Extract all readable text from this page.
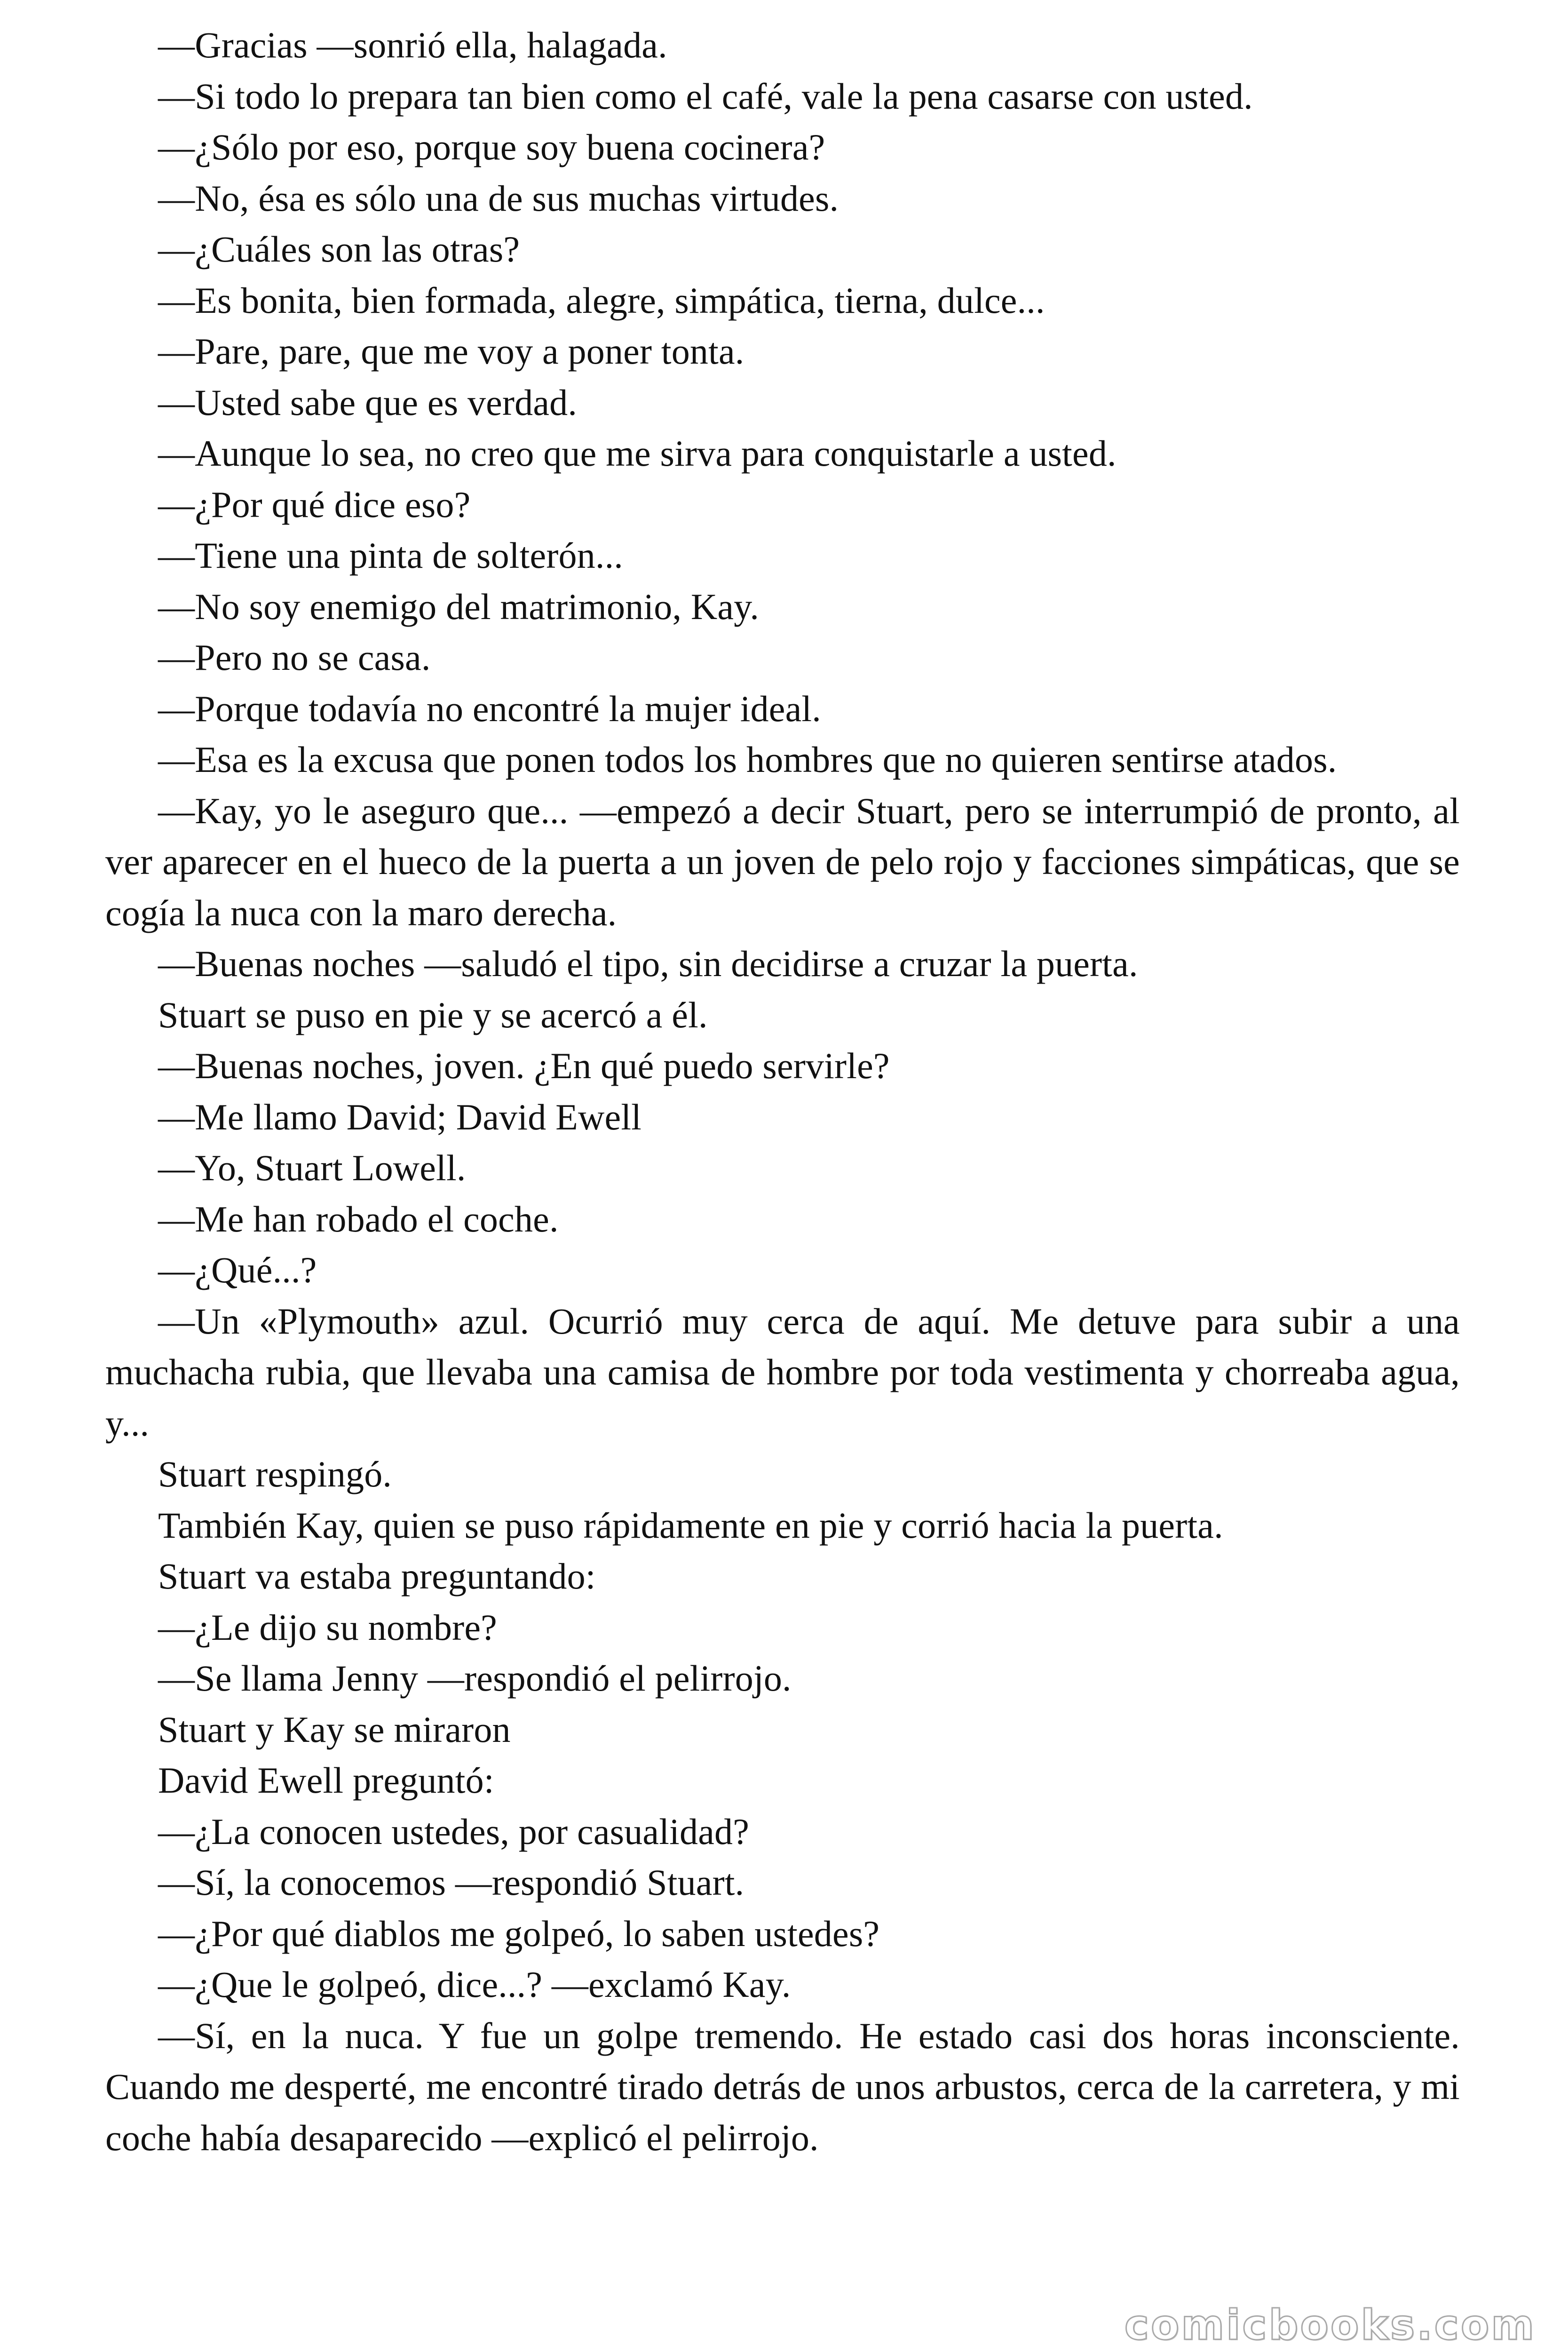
—Gracias —sonrió ella, halagada.

—Si todo lo prepara tan bien como el café, vale la pena casarse con usted.

—¿Sólo por eso, porque soy buena cocinera?

—No, ésa es sólo una de sus muchas virtudes.

—¿Cuáles son las otras?

—Es bonita, bien formada, alegre, simpática, tierna, dulce...

—Pare, pare, que me voy a poner tonta.

—Usted sabe que es verdad.

—Aunque lo sea, no creo que me sirva para conquistarle a usted.

—¿Por qué dice eso?

—Tiene una pinta de solterón...

—No soy enemigo del matrimonio, Kay.

—Pero no se casa.

—Porque todavía no encontré la mujer ideal.

—Esa es la excusa que ponen todos los hombres que no quieren sentirse atados.

—Kay, yo le aseguro que... —empezó a decir Stuart, pero se interrumpió de pronto, al ver aparecer en el hueco de la puerta a un joven de pelo rojo y facciones simpáticas, que se cogía la nuca con la maro derecha.

—Buenas noches —saludó el tipo, sin decidirse a cruzar la puerta.

Stuart se puso en pie y se acercó a él.

—Buenas noches, joven. ¿En qué puedo servirle?

—Me llamo David; David Ewell

—Yo, Stuart Lowell.

—Me han robado el coche.

—¿Qué...?

—Un «Plymouth» azul. Ocurrió muy cerca de aquí. Me detuve para subir a una muchacha rubia, que llevaba una camisa de hombre por toda vestimenta y chorreaba agua, y...

Stuart respingó.

También Kay, quien se puso rápidamente en pie y corrió hacia la puerta.

Stuart va estaba preguntando:

—¿Le dijo su nombre?

—Se llama Jenny —respondió el pelirrojo.

Stuart y Kay se miraron

David Ewell preguntó:

—¿La conocen ustedes, por casualidad?

—Sí, la conocemos —respondió Stuart.

—¿Por qué diablos me golpeó, lo saben ustedes?

—¿Que le golpeó, dice...? —exclamó Kay.

—Sí, en la nuca. Y fue un golpe tremendo. He estado casi dos horas inconsciente. Cuando me desperté, me encontré tirado detrás de unos arbustos, cerca de la carretera, y mi coche había desaparecido —explicó el pelirrojo.

comicbooks.com
